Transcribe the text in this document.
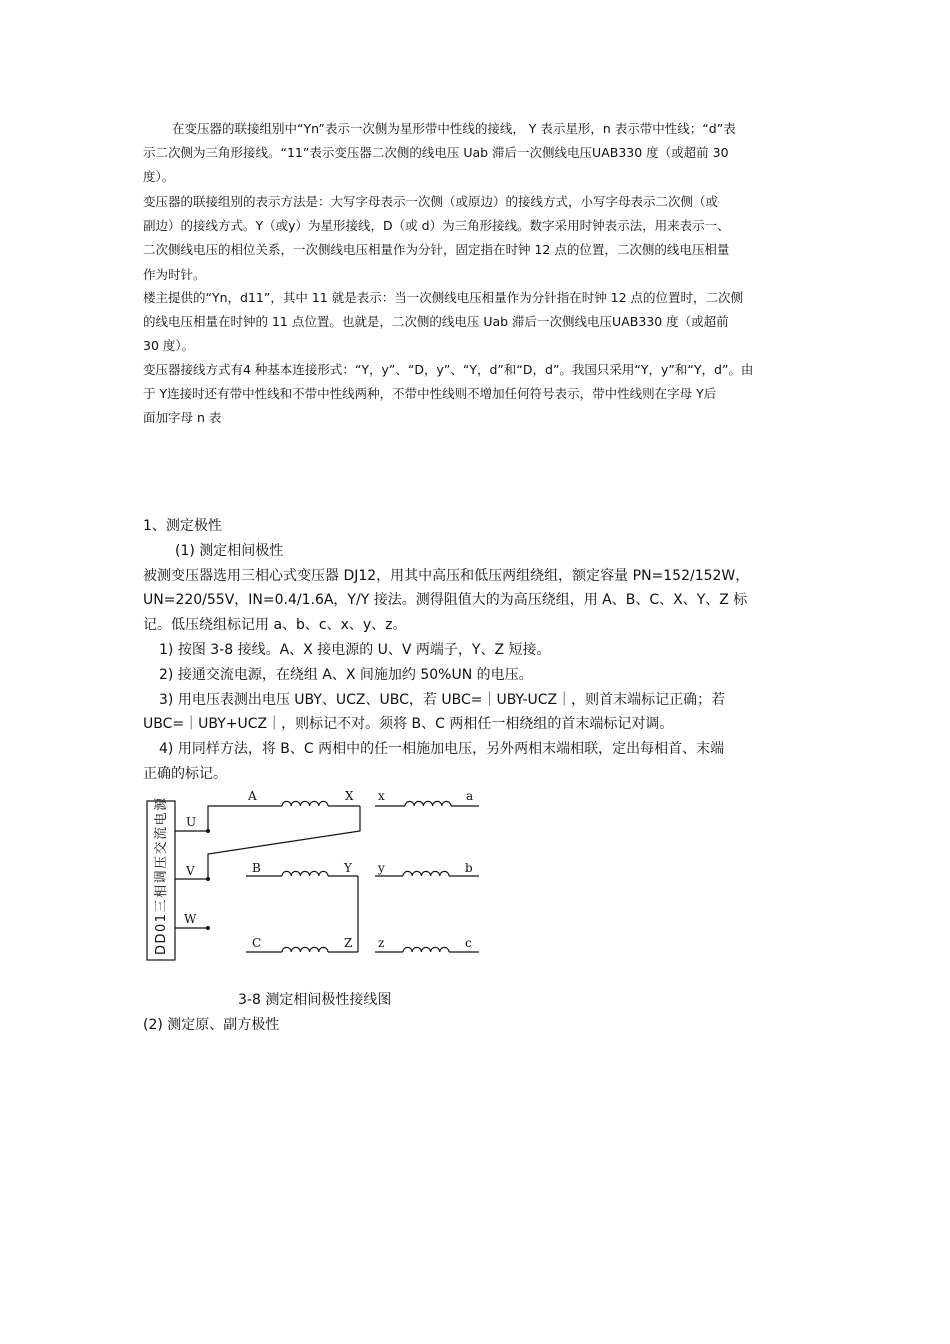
在变压器的联接组别中“Yn”表示一次侧为星形带中性线的接线， Y 表示星形，n 表示带中性线；“d”表
示二次侧为三角形接线。“11”表示变压器二次侧的线电压 Uab 滞后一次侧线电压UAB330 度（或超前 30
度）。
变压器的联接组别的表示方法是：大写字母表示一次侧（或原边）的接线方式，小写字母表示二次侧（或
副边）的接线方式。Y（或y）为星形接线，D（或 d）为三角形接线。数字采用时钟表示法，用来表示一、
二次侧线电压的相位关系，一次侧线电压相量作为分针，固定指在时钟 12 点的位置，二次侧的线电压相量
作为时针。
楼主提供的“Yn，d11”，其中 11 就是表示：当一次侧线电压相量作为分针指在时钟 12 点的位置时，二次侧
的线电压相量在时钟的 11 点位置。也就是，二次侧的线电压 Uab 滞后一次侧线电压UAB330 度（或超前
30 度）。
变压器接线方式有4 种基本连接形式：“Y，y”、“D，y”、“Y，d”和“D，d”。我国只采用“Y，y”和“Y，d”。由
于 Y连接时还有带中性线和不带中性线两种，不带中性线则不增加任何符号表示，带中性线则在字母 Y后
面加字母 n 表
1、测定极性
(1) 测定相间极性
被测变压器选用三相心式变压器 DJ12，用其中高压和低压两组绕组，额定容量 PN=152/152W，
UN=220/55V，IN=0.4/1.6A，Y/Y 接法。测得阻值大的为高压绕组，用 A、B、C、X、Y、Z 标
记。低压绕组标记用 a、b、c、x、y、z。
1) 按图 3-8 接线。A、X 接电源的 U、V 两端子，Y、Z 短接。
2) 接通交流电源，在绕组 A、X 间施加约 50%UN 的电压。
3) 用电压表测出电压 UBY、UCZ、UBC，若 UBC=｜UBY-UCZ｜，则首末端标记正确；若
UBC=｜UBY+UCZ｜，则标记不对。须将 B、C 两相任一相绕组的首末端标记对调。
4) 用同样方法，将 B、C 两相中的任一相施加电压，另外两相末端相联，定出每相首、末端
正确的标记。
DD01三相调压交流电源 U
V
W
A	X x	a
B	Y y	b
C	Z z	c
3-8 测定相间极性接线图
(2) 测定原、副方极性
